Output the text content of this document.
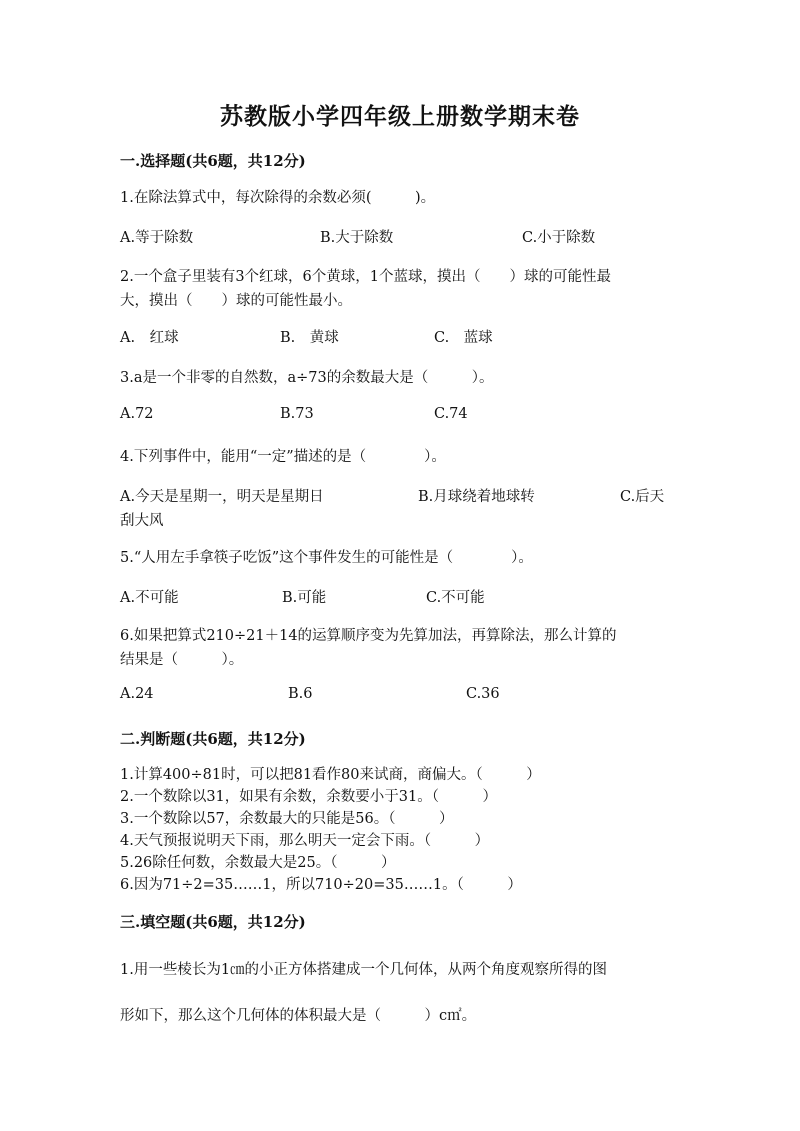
苏教版小学四年级上册数学期末卷
一.选择题(共6题，共12分)
1.在除法算式中，每次除得的余数必须(　　　)。
A.等于除数	B.大于除数	C.小于除数
2.一个盒子里装有3个红球，6个黄球，1个蓝球，摸出（　　）球的可能性最
大，摸出（　　）球的可能性最小。
A.　红球	B.　黄球	C.　蓝球
3.a是一个非零的自然数，a÷73的余数最大是（　　　）。
A.72	B.73	C.74
4.下列事件中，能用“一定”描述的是（　　　　）。
A.今天是星期一，明天是星期日	B.月球绕着地球转	C.后天
刮大风
5.“人用左手拿筷子吃饭”这个事件发生的可能性是（　　　　）。
A.不可能	B.可能	C.不可能
6.如果把算式210÷21＋14的运算顺序变为先算加法，再算除法，那么计算的
结果是（　　　）。
A.24	B.6	C.36
二.判断题(共6题，共12分)
1.计算400÷81时，可以把81看作80来试商，商偏大。（　　　）
2.一个数除以31，如果有余数，余数要小于31。（　　　）
3.一个数除以57，余数最大的只能是56。（　　　）
4.天气预报说明天下雨，那么明天一定会下雨。（　　　）
5.26除任何数，余数最大是25。（　　　）
6.因为71÷2=35……1，所以710÷20=35……1。（　　　）
三.填空题(共6题，共12分)
1.用一些棱长为1㎝的小正方体搭建成一个几何体，从两个角度观察所得的图
形如下，那么这个几何体的体积最大是（　　　）c㎡。
